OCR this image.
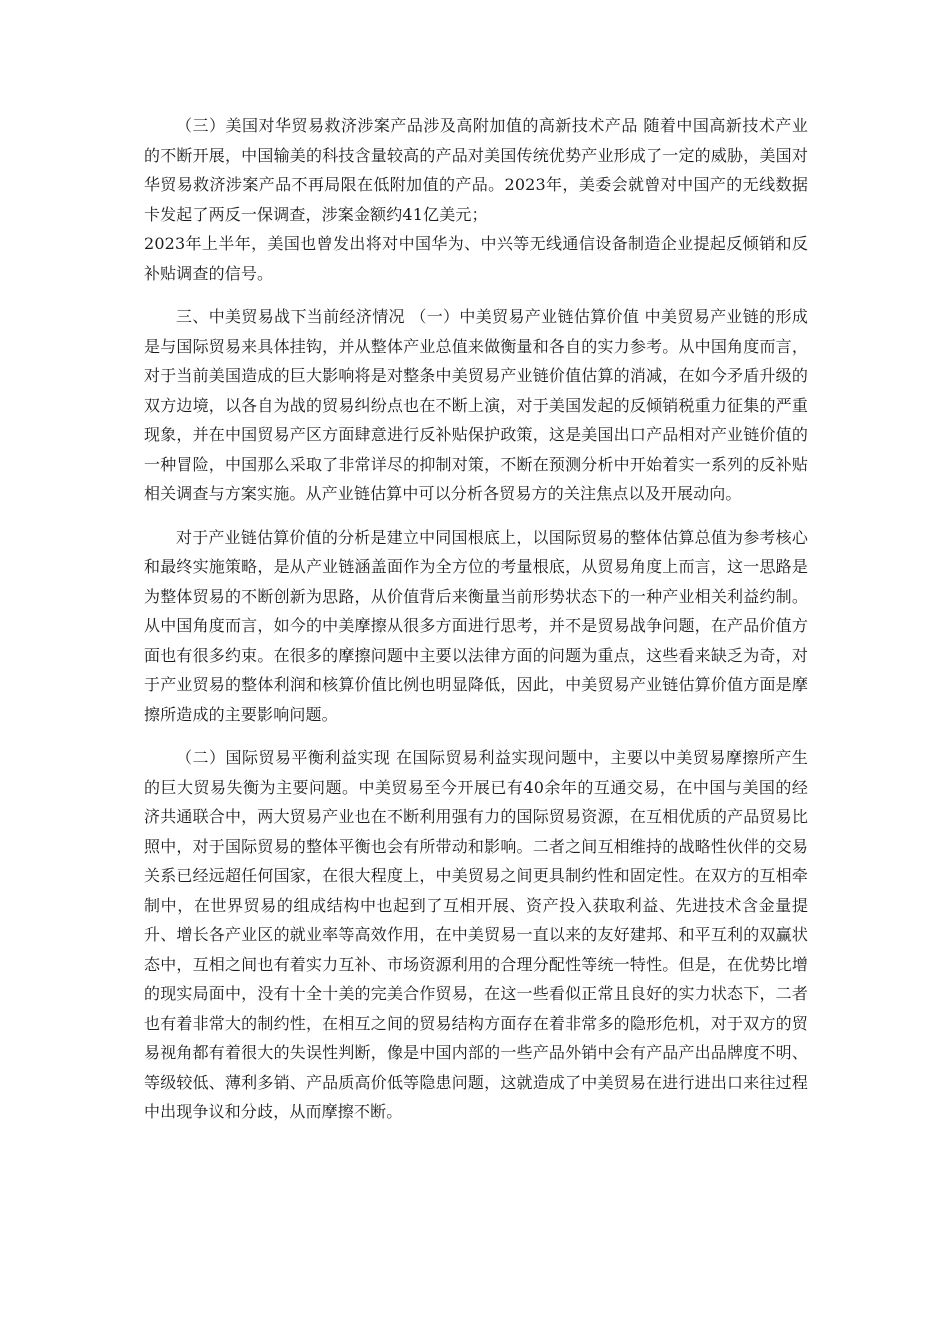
（三）美国对华贸易救济涉案产品涉及高附加值的高新技术产品 随着中国高新技术产业的不断开展，中国输美的科技含量较高的产品对美国传统优势产业形成了一定的威胁，美国对华贸易救济涉案产品不再局限在低附加值的产品。2023年，美委会就曾对中国产的无线数据卡发起了两反一保调查，涉案金额约41亿美元；

2023年上半年，美国也曾发出将对中国华为、中兴等无线通信设备制造企业提起反倾销和反补贴调查的信号。

三、中美贸易战下当前经济情况 （一）中美贸易产业链估算价值 中美贸易产业链的形成是与国际贸易来具体挂钩，并从整体产业总值来做衡量和各自的实力参考。从中国角度而言，对于当前美国造成的巨大影响将是对整条中美贸易产业链价值估算的消减，在如今矛盾升级的双方边境，以各自为战的贸易纠纷点也在不断上演，对于美国发起的反倾销税重力征集的严重现象，并在中国贸易产区方面肆意进行反补贴保护政策，这是美国出口产品相对产业链价值的一种冒险，中国那么采取了非常详尽的抑制对策，不断在预测分析中开始着实一系列的反补贴相关调查与方案实施。从产业链估算中可以分析各贸易方的关注焦点以及开展动向。

对于产业链估算价值的分析是建立中同国根底上，以国际贸易的整体估算总值为参考核心和最终实施策略，是从产业链涵盖面作为全方位的考量根底，从贸易角度上而言，这一思路是为整体贸易的不断创新为思路，从价值背后来衡量当前形势状态下的一种产业相关利益约制。从中国角度而言，如今的中美摩擦从很多方面进行思考，并不是贸易战争问题，在产品价值方面也有很多约束。在很多的摩擦问题中主要以法律方面的问题为重点，这些看来缺乏为奇，对于产业贸易的整体利润和核算价值比例也明显降低，因此，中美贸易产业链估算价值方面是摩擦所造成的主要影响问题。

（二）国际贸易平衡利益实现 在国际贸易利益实现问题中，主要以中美贸易摩擦所产生的巨大贸易失衡为主要问题。中美贸易至今开展已有40余年的互通交易，在中国与美国的经济共通联合中，两大贸易产业也在不断利用强有力的国际贸易资源，在互相优质的产品贸易比照中，对于国际贸易的整体平衡也会有所带动和影响。二者之间互相维持的战略性伙伴的交易关系已经远超任何国家，在很大程度上，中美贸易之间更具制约性和固定性。在双方的互相牵制中，在世界贸易的组成结构中也起到了互相开展、资产投入获取利益、先进技术含金量提升、增长各产业区的就业率等高效作用，在中美贸易一直以来的友好建邦、和平互利的双赢状态中，互相之间也有着实力互补、市场资源利用的合理分配性等统一特性。但是，在优势比增的现实局面中，没有十全十美的完美合作贸易，在这一些看似正常且良好的实力状态下，二者也有着非常大的制约性，在相互之间的贸易结构方面存在着非常多的隐形危机，对于双方的贸易视角都有着很大的失误性判断，像是中国内部的一些产品外销中会有产品产出品牌度不明、等级较低、薄利多销、产品质高价低等隐患问题，这就造成了中美贸易在进行进出口来往过程中出现争议和分歧，从而摩擦不断。
